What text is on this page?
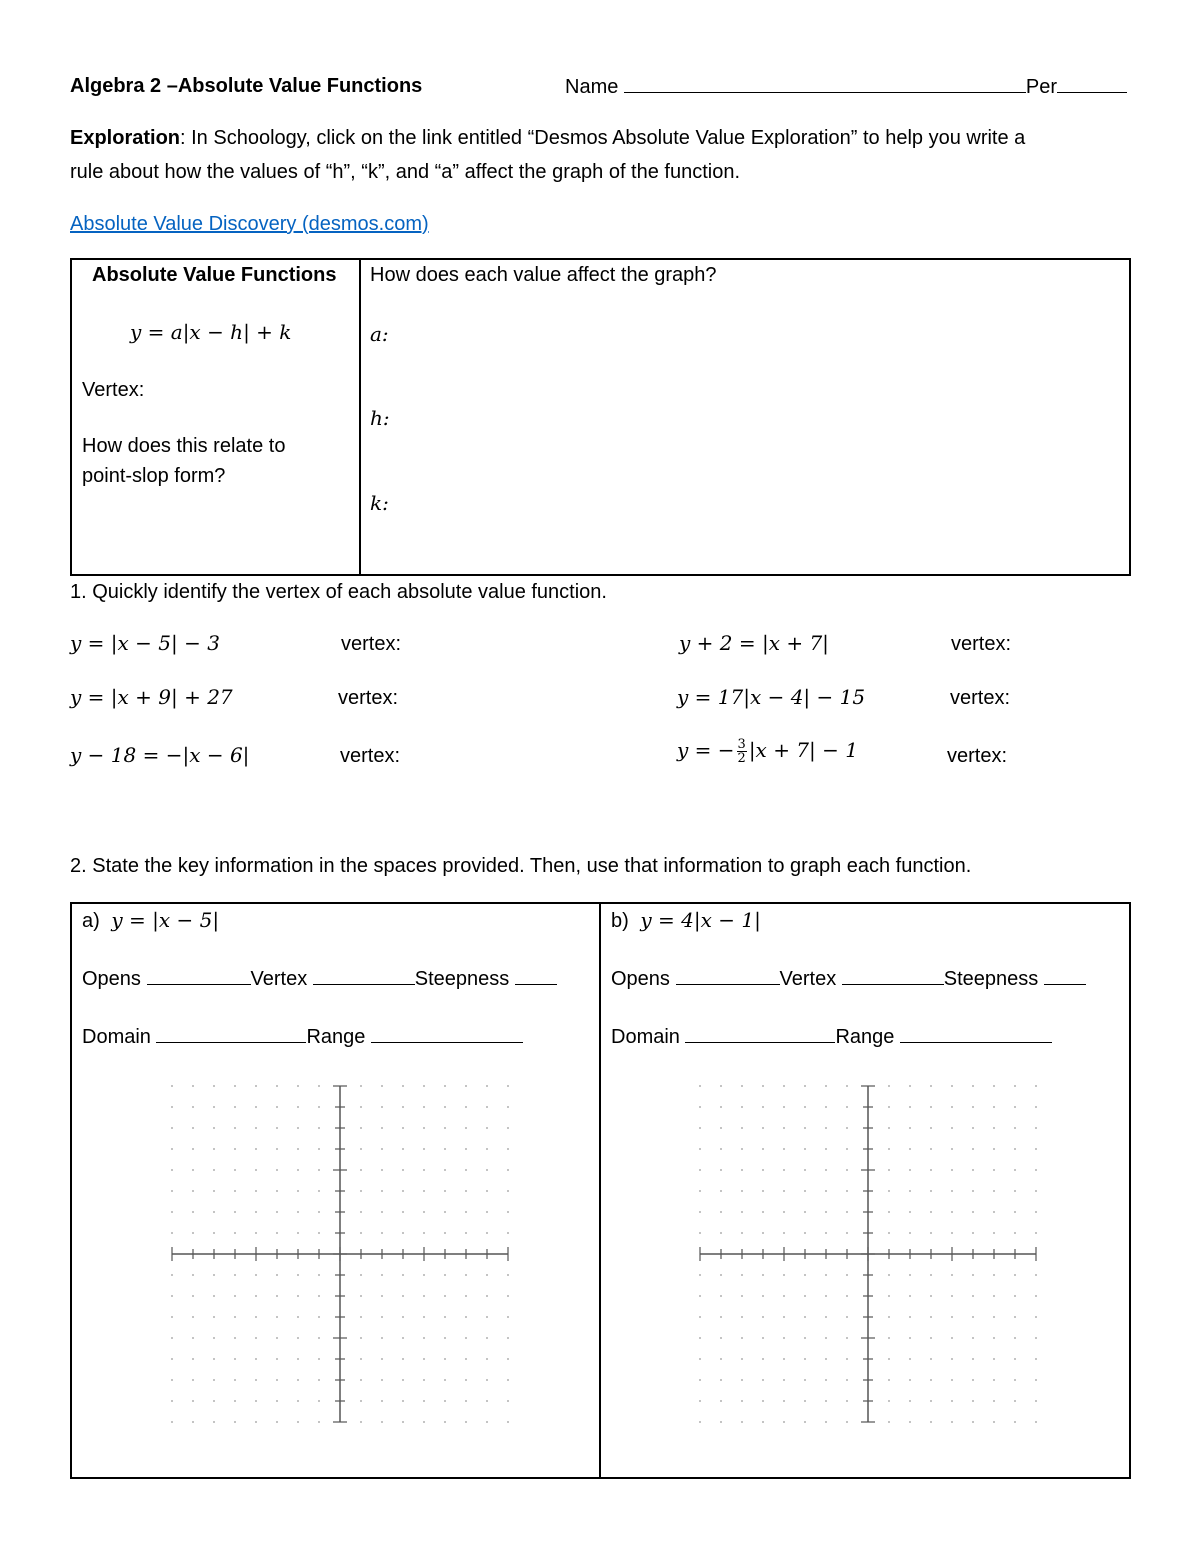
Algebra 2 –Absolute Value Functions	Name	Per
Exploration: In Schoology, click on the link entitled “Desmos Absolute Value Exploration” to help you write a
rule about how the values of “h”, “k”, and “a” affect the graph of the function.
Absolute Value Discovery (desmos.com)
Absolute Value Functions
y = a|x − h| + k
Vertex:
How does this relate to
point-slop form?
How does each value affect the graph?
a:
h:
k:
1. Quickly identify the vertex of each absolute value function.
y = |x − 5| − 3	vertex:	y + 2 = |x + 7|	vertex:
y = |x + 9| + 27	vertex:	y = 17|x − 4| − 15	vertex:
y − 18 = −|x − 6|	vertex:	y = − $\frac{3}{2} |x + 7| - 1$	vertex:
2. State the key information in the spaces provided. Then, use that information to graph each function.
a) y = |x − 5|
Opens	Vertex	Steepness
Domain	Range
b) y = 4|x − 1|
Opens	Vertex	Steepness
Domain	Range
